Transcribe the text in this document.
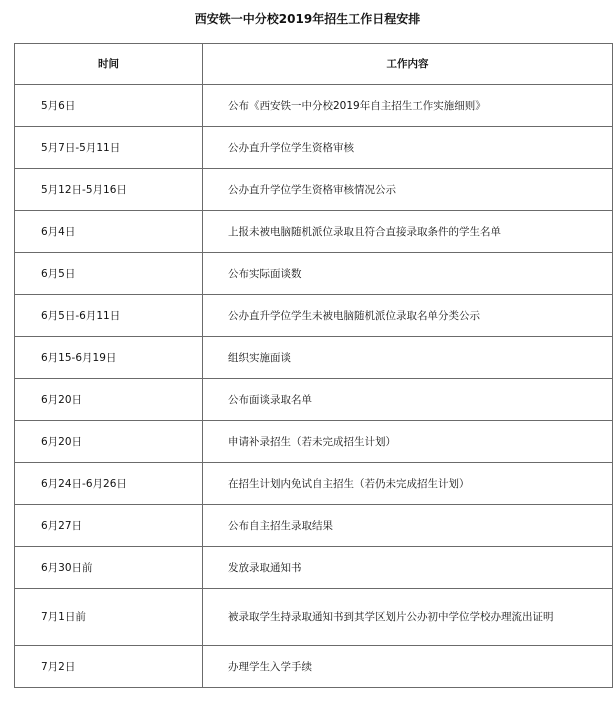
西安铁一中分校2019年招生工作日程安排
时间	工作内容
5月6日	公布《西安铁一中分校2019年自主招生工作实施细则》
5月7日-5月11日	公办直升学位学生资格审核
5月12日-5月16日	公办直升学位学生资格审核情况公示
6月4日	上报未被电脑随机派位录取且符合直接录取条件的学生名单
6月5日	公布实际面谈数
6月5日-6月11日	公办直升学位学生未被电脑随机派位录取名单分类公示
6月15-6月19日	组织实施面谈
6月20日	公布面谈录取名单
6月20日	申请补录招生（若未完成招生计划）
6月24日-6月26日	在招生计划内免试自主招生（若仍未完成招生计划）
6月27日	公布自主招生录取结果
6月30日前	发放录取通知书
7月1日前	被录取学生持录取通知书到其学区划片公办初中学位学校办理流出证明
7月2日	办理学生入学手续
